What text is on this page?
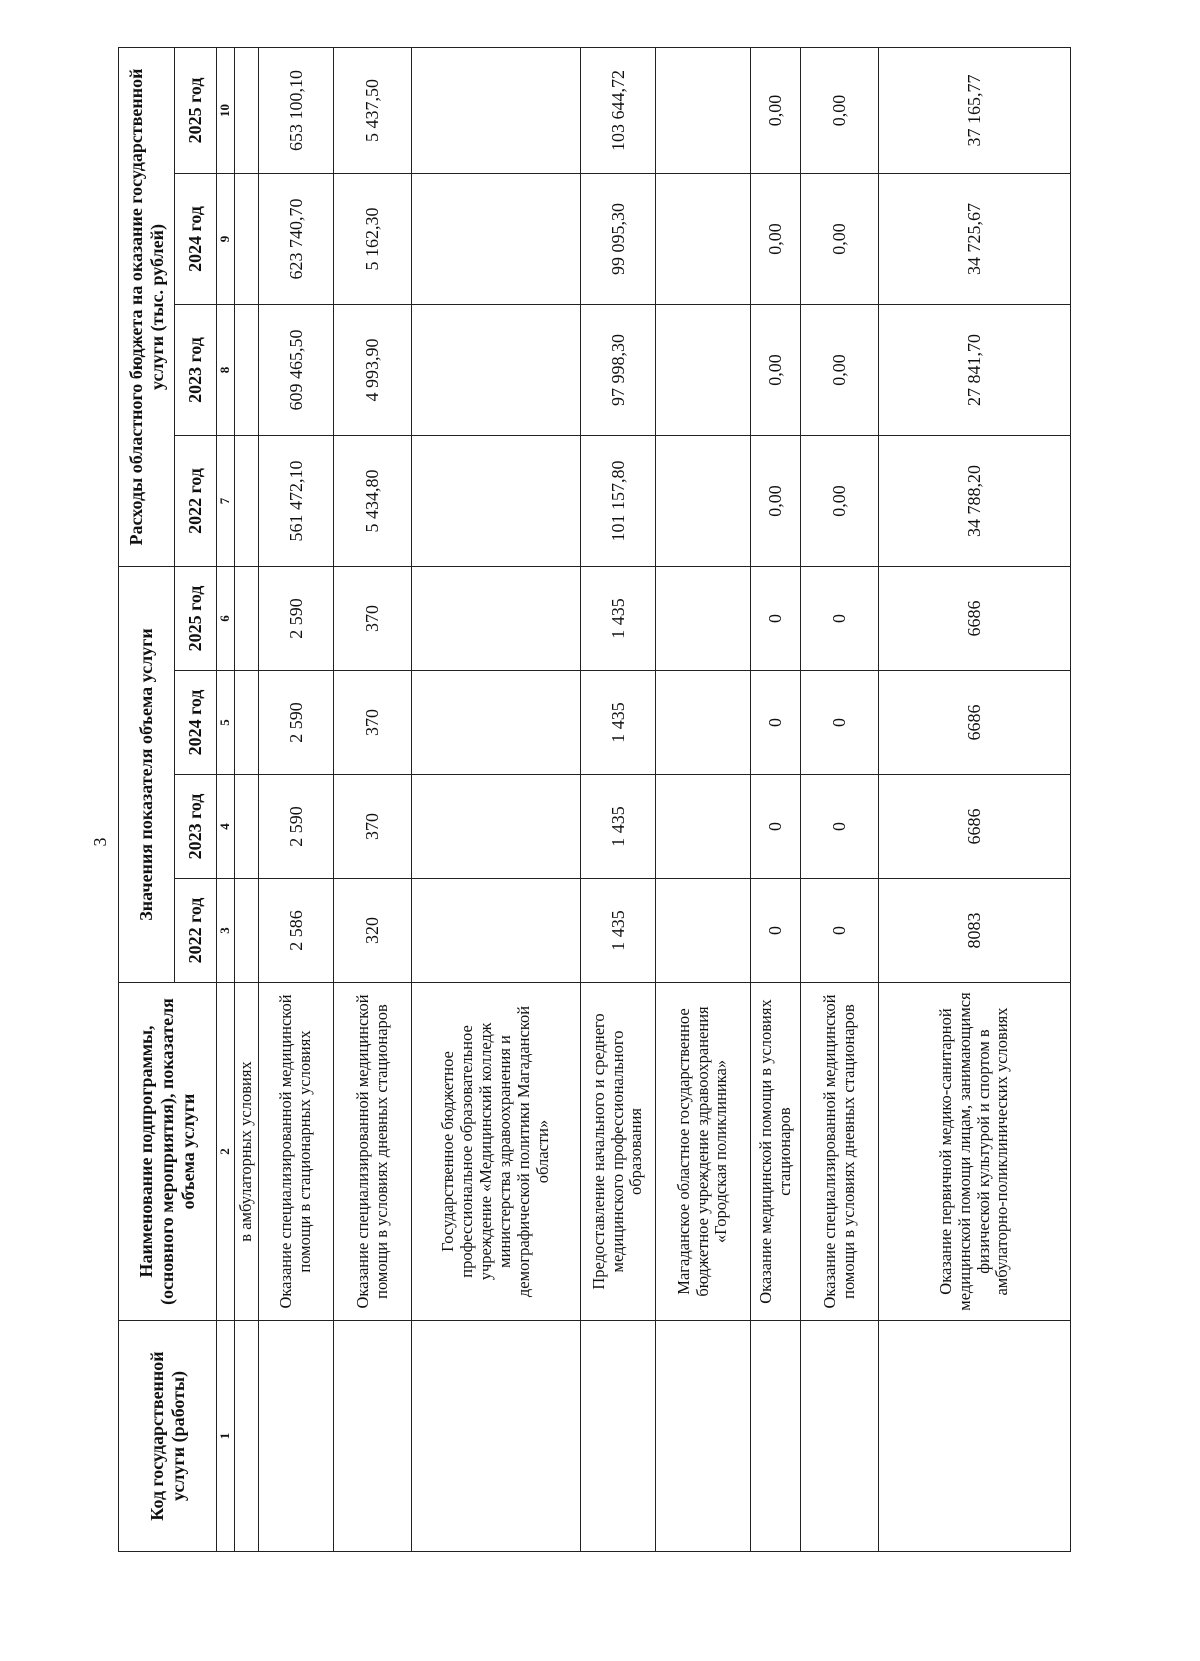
3
Код государственной услуги (работы)	Наименование подпрограммы, (основного мероприятия), показателя объема услуги	Значения показателя объема услуги				Расходы областного бюджета на оказание государственной услуги (тыс. рублей)			
		2022 год	2023 год	2024 год	2025 год	2022 год	2023 год	2024 год	2025 год
1	2	3	4	5	6	7	8	9	10
	в амбулаторных условиях								
	Оказание специализированной медицинской помощи в стационарных условиях	2 586	2 590	2 590	2 590	561 472,10	609 465,50	623 740,70	653 100,10
	Оказание специализированной медицинской помощи в условиях дневных стационаров	320	370	370	370	5 434,80	4 993,90	5 162,30	5 437,50
	Государственное бюджетное профессиональное образовательное учреждение «Медицинский колледж министерства здравоохранения и демографической политики Магаданской области»								
	Предоставление начального и среднего медицинского профессионального образования	1 435	1 435	1 435	1 435	101 157,80	97 998,30	99 095,30	103 644,72
	Магаданское областное государственное бюджетное учреждение здравоохранения «Городская поликлиника»								
	Оказание медицинской помощи в условиях стационаров	0	0	0	0	0,00	0,00	0,00	0,00
	Оказание специализированной медицинской помощи в условиях дневных стационаров	0	0	0	0	0,00	0,00	0,00	0,00
	Оказание первичной медико-санитарной медицинской помощи лицам, занимающимся физической культурой и спортом в амбулаторно-поликлинических условиях	8083	6686	6686	6686	34 788,20	27 841,70	34 725,67	37 165,77
